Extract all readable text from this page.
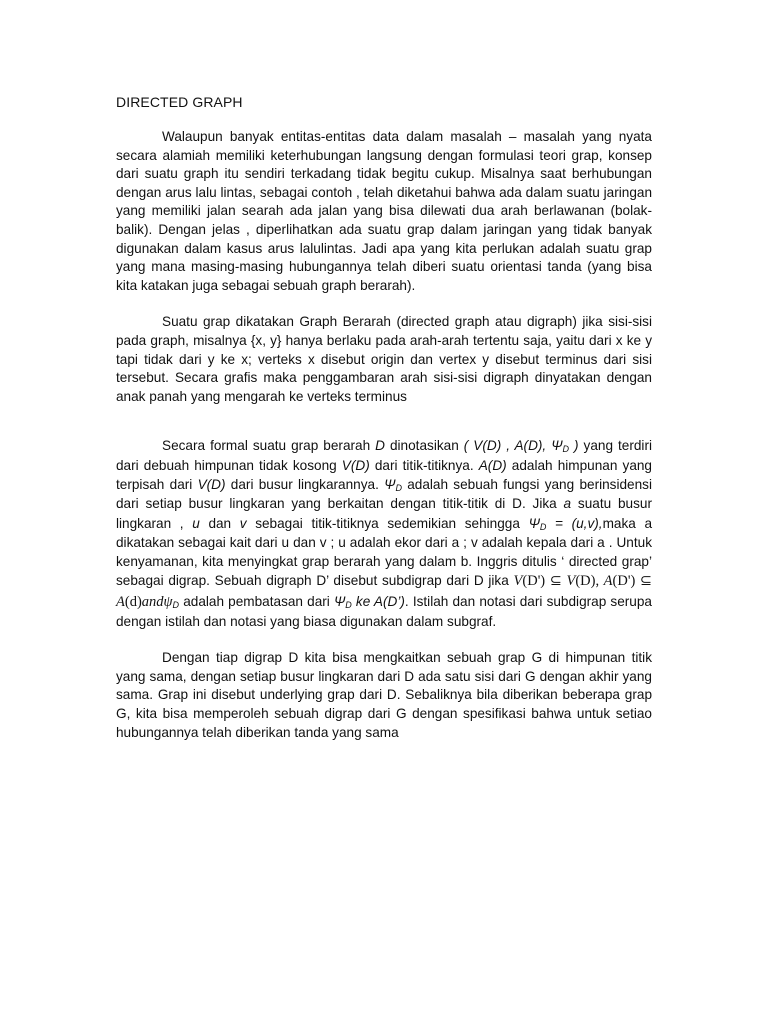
DIRECTED GRAPH

Walaupun banyak entitas-entitas data dalam masalah – masalah yang nyata secara alamiah memiliki keterhubungan langsung dengan formulasi teori grap, konsep dari suatu graph itu sendiri terkadang tidak begitu cukup. Misalnya saat berhubungan dengan arus lalu lintas, sebagai contoh , telah diketahui bahwa ada dalam suatu jaringan yang memiliki jalan searah ada jalan yang bisa dilewati dua arah berlawanan (bolak-balik). Dengan jelas , diperlihatkan ada suatu grap dalam jaringan yang tidak banyak digunakan dalam kasus arus lalulintas. Jadi apa yang kita perlukan adalah suatu grap yang mana masing-masing hubungannya telah diberi suatu orientasi tanda (yang bisa kita katakan juga sebagai sebuah graph berarah).

Suatu grap dikatakan Graph Berarah (directed graph atau digraph) jika sisi-sisi pada graph, misalnya {x, y} hanya berlaku pada arah-arah tertentu saja, yaitu dari x ke y tapi tidak dari y ke x; verteks x disebut origin dan vertex y disebut terminus dari sisi tersebut. Secara grafis maka penggambaran arah sisi-sisi digraph dinyatakan dengan anak panah yang mengarah ke verteks terminus

Secara formal suatu grap berarah D dinotasikan ( V(D) , A(D), $\Psi_D$ ) yang terdiri dari debuah himpunan tidak kosong V(D) dari titik-titiknya. A(D) adalah himpunan yang terpisah dari V(D) dari busur lingkarannya. $\Psi_D$ adalah sebuah fungsi yang berinsidensi dari setiap busur lingkaran yang berkaitan dengan titik-titik di D. Jika a suatu busur lingkaran , u dan v sebagai titik-titiknya sedemikian sehingga $\Psi_D$ = (u,v),maka a dikatakan sebagai kait dari u dan v ; u adalah ekor dari a ; v adalah kepala dari a . Untuk kenyamanan, kita menyingkat grap berarah yang dalam b. Inggris ditulis ‘ directed grap’ sebagai digrap. Sebuah digraph D’ disebut subdigrap dari D jika V(D') ⊆ V(D), A(D') ⊆ A(d)andψ$_D$ adalah pembatasan dari $\Psi_D$ ke A(D’). Istilah dan notasi dari subdigrap serupa dengan istilah dan notasi yang biasa digunakan dalam subgraf.

Dengan tiap digrap D kita bisa mengkaitkan sebuah grap G di himpunan titik yang sama, dengan setiap busur lingkaran dari D ada satu sisi dari G dengan akhir yang sama. Grap ini disebut underlying grap dari D. Sebaliknya bila diberikan beberapa grap G, kita bisa memperoleh sebuah digrap dari G dengan spesifikasi bahwa untuk setiao hubungannya telah diberikan tanda yang sama
